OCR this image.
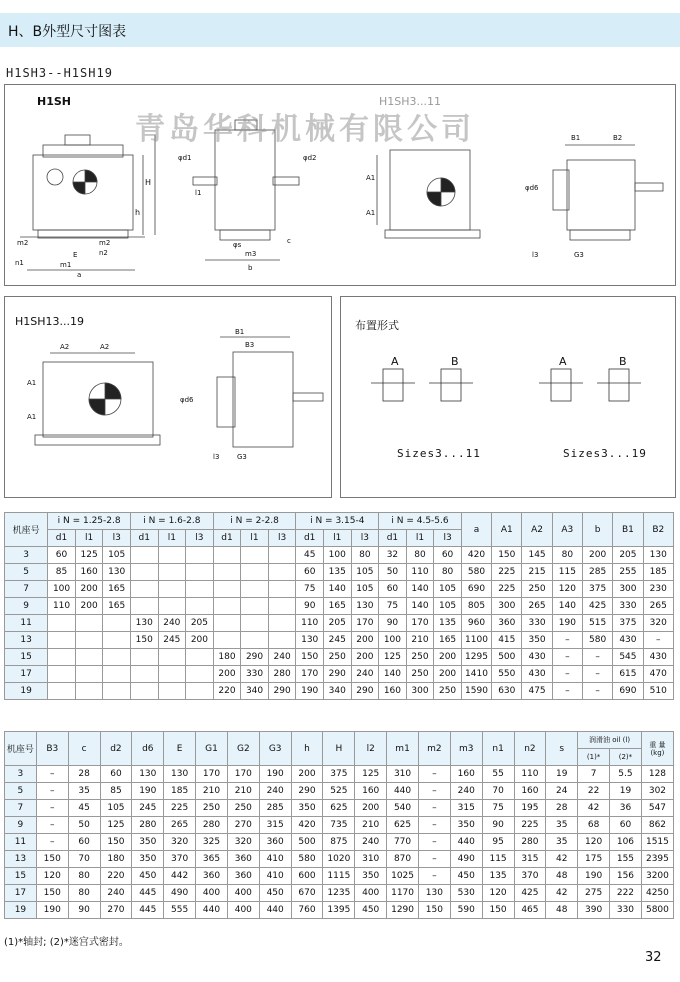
H、B外型尺寸图表
H1SH3--H1SH19
H1SH	H1SH3...11
H
h
m2
n1
E
m1
a
m2
n2
φd1
l1
φs
m3
b
c
φd2
A1
A1
B1	B2
φd6
l3	G3
青岛华科机械有限公司
H1SH13...19
A2	A2
A1
A1
B1
B3
φd6
l3	G3
布置形式
A	B	A	B
Sizes3...11	Sizes3...19
机座号	i N = 1.25-2.8			i N = 1.6-2.8			i N = 2-2.8			i N = 3.15-4			i N = 4.5-5.6			a	A1	A2	A3	b	B1	B2
	d1	l1	l3	d1	l1	l3	d1	l1	l3	d1	l1	l3	d1	l1	l3							
3	60	125	105							45	100	80	32	80	60	420	150	145	80	200	205	130
5	85	160	130							60	135	105	50	110	80	580	225	215	115	285	255	185
7	100	200	165							75	140	105	60	140	105	690	225	250	120	375	300	230
9	110	200	165							90	165	130	75	140	105	805	300	265	140	425	330	265
11				130	240	205				110	205	170	90	170	135	960	360	330	190	515	375	320
13				150	245	200				130	245	200	100	210	165	1100	415	350	–	580	430	–
15							180	290	240	150	250	200	125	250	200	1295	500	430	–	–	545	430
17							200	330	280	170	290	240	140	250	200	1410	550	430	–	–	615	470
19							220	340	290	190	340	290	160	300	250	1590	630	475	–	–	690	510
机座号	B3	c	d2	d6	E	G1	G2	G3	h	H	l2	m1	m2	m3	n1	n2	s	润滑油 oil (l)		重 量
(kg)

																		(1)*	(2)*	
3	–	28	60	130	130	170	170	190	200	375	125	310	–	160	55	110	19	7	5.5	128
5	–	35	85	190	185	210	210	240	290	525	160	440	–	240	70	160	24	22	19	302
7	–	45	105	245	225	250	250	285	350	625	200	540	–	315	75	195	28	42	36	547
9	–	50	125	280	265	280	270	315	420	735	210	625	–	350	90	225	35	68	60	862
11	–	60	150	350	320	325	320	360	500	875	240	770	–	440	95	280	35	120	106	1515
13	150	70	180	350	370	365	360	410	580	1020	310	870	–	490	115	315	42	175	155	2395
15	120	80	220	450	442	360	360	410	600	1115	350	1025	–	450	135	370	48	190	156	3200
17	150	80	240	445	490	400	400	450	670	1235	400	1170	130	530	120	425	42	275	222	4250
19	190	90	270	445	555	440	400	440	760	1395	450	1290	150	590	150	465	48	390	330	5800
(1)*轴封; (2)*迷宫式密封。
32
